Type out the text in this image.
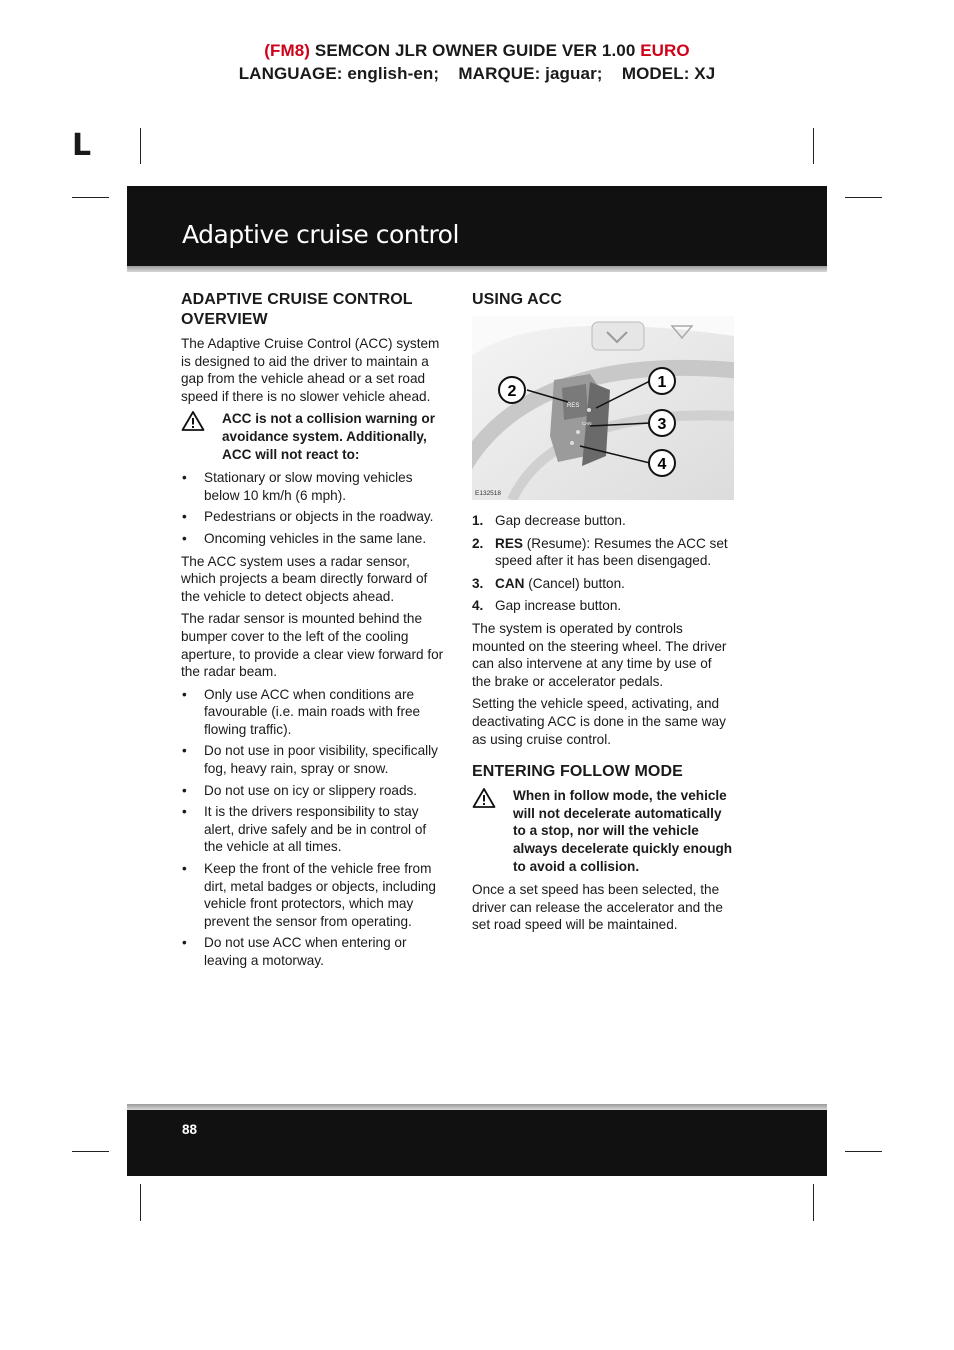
(FM8) SEMCON JLR OWNER GUIDE VER 1.00 EURO
LANGUAGE: english-en;    MARQUE: jaguar;    MODEL: XJ
L
Adaptive cruise control
ADAPTIVE CRUISE CONTROL OVERVIEW

The Adaptive Cruise Control (ACC) system is designed to aid the driver to maintain a gap from the vehicle ahead or a set road speed if there is no slower vehicle ahead.

ACC is not a collision warning or avoidance system. Additionally, ACC will not react to:
• Stationary or slow moving vehicles below 10 km/h (6 mph).
• Pedestrians or objects in the roadway.
• Oncoming vehicles in the same lane.

The ACC system uses a radar sensor, which projects a beam directly forward of the vehicle to detect objects ahead.

The radar sensor is mounted behind the bumper cover to the left of the cooling aperture, to provide a clear view forward for the radar beam.

• Only use ACC when conditions are favourable (i.e. main roads with free flowing traffic).
• Do not use in poor visibility, specifically fog, heavy rain, spray or snow.
• Do not use on icy or slippery roads.
• It is the drivers responsibility to stay alert, drive safely and be in control of the vehicle at all times.
• Keep the front of the vehicle free from dirt, metal badges or objects, including vehicle front protectors, which may prevent the sensor from operating.
• Do not use ACC when entering or leaving a motorway.
USING ACC
RES
CAN
2
1
3
4
E132518
1. Gap decrease button.
2. RES (Resume): Resumes the ACC set speed after it has been disengaged.
3. CAN (Cancel) button.
4. Gap increase button.

The system is operated by controls mounted on the steering wheel. The driver can also intervene at any time by use of the brake or accelerator pedals.

Setting the vehicle speed, activating, and deactivating ACC is done in the same way as using cruise control.

ENTERING FOLLOW MODE
When in follow mode, the vehicle will not decelerate automatically to a stop, nor will the vehicle always decelerate quickly enough to avoid a collision.

Once a set speed has been selected, the driver can release the accelerator and the set road speed will be maintained.

88
